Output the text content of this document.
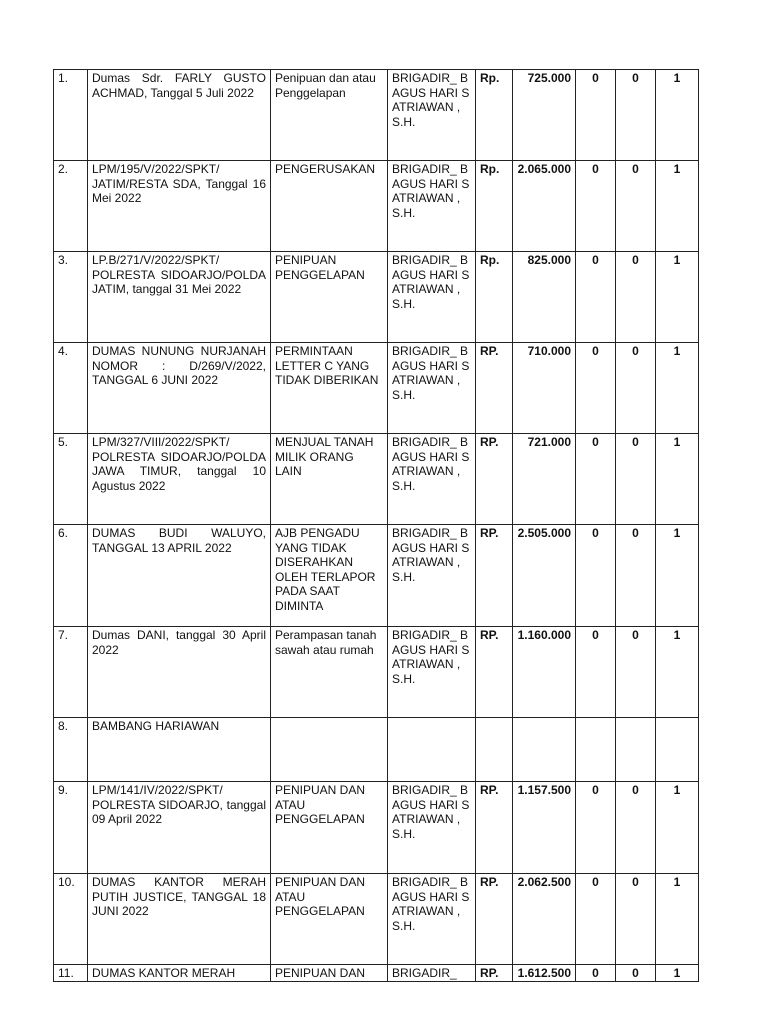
1.	Dumas Sdr. FARLY GUSTO ACHMAD, Tanggal 5 Juli 2022	Penipuan dan atau Penggelapan	BRIGADIR_ BAGUS HARI SATRIAWAN , S.H.	Rp.	725.000	0	0	1
2.	LPM/195/V/2022/SPKT/ JATIM/RESTA SDA, Tanggal 16 Mei 2022	PENGERUSAKAN	BRIGADIR_ BAGUS HARI SATRIAWAN , S.H.	Rp.	2.065.000	0	0	1
3.	LP.B/271/V/2022/SPKT/ POLRESTA SIDOARJO/POLDA JATIM, tanggal 31 Mei 2022	PENIPUAN PENGGELAPAN	BRIGADIR_ BAGUS HARI SATRIAWAN , S.H.	Rp.	825.000	0	0	1
4.	DUMAS NUNUNG NURJANAH NOMOR : D/269/V/2022, TANGGAL 6 JUNI 2022	PERMINTAAN LETTER C YANG TIDAK DIBERIKAN	BRIGADIR_ BAGUS HARI SATRIAWAN , S.H.	RP.	710.000	0	0	1
5.	LPM/327/VIII/2022/SPKT/ POLRESTA SIDOARJO/POLDA JAWA TIMUR, tanggal 10 Agustus 2022	MENJUAL TANAH MILIK ORANG LAIN	BRIGADIR_ BAGUS HARI SATRIAWAN , S.H.	RP.	721.000	0	0	1
6.	DUMAS BUDI WALUYO, TANGGAL 13 APRIL 2022	AJB PENGADU YANG TIDAK DISERAHKAN OLEH TERLAPOR PADA SAAT DIMINTA	BRIGADIR_ BAGUS HARI SATRIAWAN , S.H.	RP.	2.505.000	0	0	1
7.	Dumas DANI, tanggal 30 April 2022	Perampasan tanah sawah atau rumah	BRIGADIR_ BAGUS HARI SATRIAWAN , S.H.	RP.	1.160.000	0	0	1
8.	BAMBANG HARIAWAN							
9.	LPM/141/IV/2022/SPKT/ POLRESTA SIDOARJO, tanggal 09 April 2022	PENIPUAN DAN ATAU PENGGELAPAN	BRIGADIR_ BAGUS HARI SATRIAWAN , S.H.	RP.	1.157.500	0	0	1
10.	DUMAS KANTOR MERAH PUTIH JUSTICE, TANGGAL 18 JUNI 2022	PENIPUAN DAN ATAU PENGGELAPAN	BRIGADIR_ BAGUS HARI SATRIAWAN , S.H.	RP.	2.062.500	0	0	1
11.	DUMAS KANTOR MERAH	PENIPUAN DAN	BRIGADIR_	RP.	1.612.500	0	0	1
